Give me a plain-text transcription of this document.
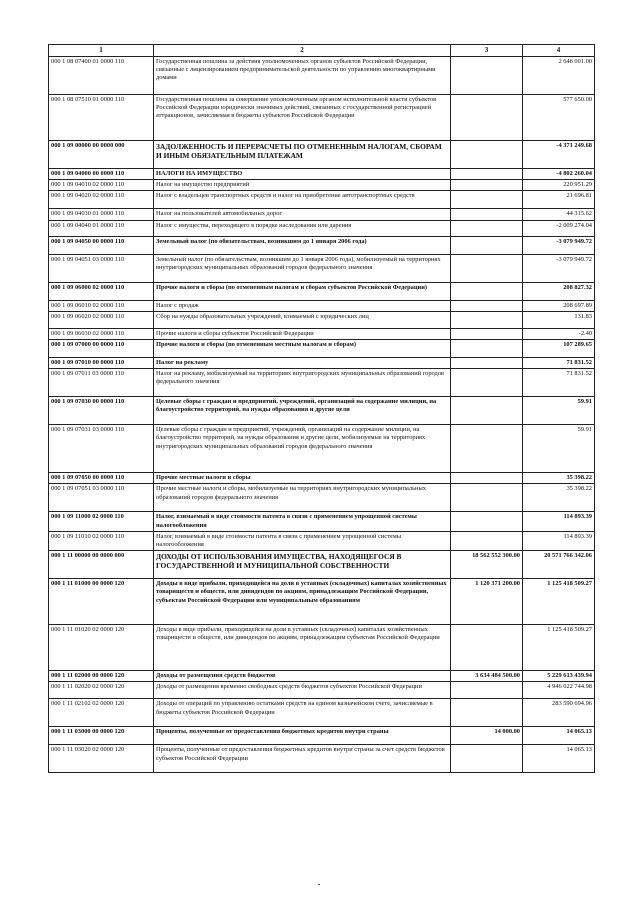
1	2	3	4
000 1 08 07400 01 0000 110	Государственная пошлина за действия уполномоченных органов субъектов Российской Федерации, связанные с лицензированием предпринимательской деятельности по управлению многоквартирными домами		2 646 001.00
000 1 08 07510 01 0000 110	Государственная пошлина за совершение уполномоченным органом исполнительной власти субъектов Российской Федерации юридически значимых действий, связанных с государственной регистрацией аттракционов, зачисляемая в бюджеты субъектов Российской Федерации		577 650.00
000 1 09 00000 00 0000 000	ЗАДОЛЖЕННОСТЬ И ПЕРЕРАСЧЕТЫ ПО ОТМЕНЕННЫМ НАЛОГАМ, СБОРАМ И ИНЫМ ОБЯЗАТЕЛЬНЫМ ПЛАТЕЖАМ		-4 371 249.68
000 1 09 04000 00 0000 110	НАЛОГИ НА ИМУЩЕСТВО		-4 802 260.04
000 1 09 04010 02 0000 110	Налог на имущество предприятий		220 951.29
000 1 09 04020 02 0000 110	Налог с владельцев транспортных средств и налог на приобретение автотранспортных средств		21 696.81
000 1 09 04030 01 0000 110	Налог на пользователей автомобильных дорог		44 315.62
000 1 09 04040 01 0000 110	Налог с имущества, переходящего в порядке наследования или дарения		-2 009 274.04
000 1 09 04050 00 0000 110	Земельный налог (по обязательствам, возникшим до 1 января 2006 года)		-3 079 949.72
000 1 09 04051 03 0000 110	Земельный налог (по обязательствам, возникшим до 1 января 2006 года), мобилизуемый на территориях внутригородских муниципальных образований городов федерального значения		-3 079 949.72
000 1 09 06000 02 0000 110	Прочие налоги и сборы (по отмененным налогам и сборам субъектов Российской Федерации)		208 827.32
000 1 09 06010 02 0000 110	Налог с продаж		208 697.89
000 1 09 06020 02 0000 110	Сбор на нужды образовательных учреждений, взимаемый с юридических лиц		131.83
000 1 09 06030 02 0000 110	Прочие налоги и сборы субъектов Российской Федерации		-2.40
000 1 09 07000 00 0000 110	Прочие налоги и сборы (по отмененным местным налогам и сборам)		107 289.65
000 1 09 07010 00 0000 110	Налог на рекламу		71 831.52
000 1 09 07011 03 0000 110	Налог на рекламу, мобилизуемый на территориях внутригородских муниципальных образований городов федерального значения		71 831.52
000 1 09 07030 00 0000 110	Целевые сборы с граждан и предприятий, учреждений, организаций на содержание милиции, на благоустройство территорий, на нужды образования и другие цели		59.91
000 1 09 07031 03 0000 110	Целевые сборы с граждан и предприятий, учреждений, организаций на содержание милиции, на благоустройство территорий, на нужды образования и другие цели, мобилизуемые на территориях внутригородских муниципальных образований городов федерального значения		59.91
000 1 09 07050 00 0000 110	Прочие местные налоги и сборы		35 398.22
000 1 09 07051 03 0000 110	Прочие местные налоги и сборы, мобилизуемые на территориях внутригородских муниципальных образований городов федерального значения		35 398.22
000 1 09 11000 02 0000 110	Налог, взимаемый в виде стоимости патента в связи с применением упрощенной системы налогообложения		114 893.39
000 1 09 11010 02 0000 110	Налог, взимаемый в виде стоимости патента в связи с применением упрощенной системы налогообложения		114 893.39
000 1 11 00000 00 0000 000	ДОХОДЫ ОТ ИСПОЛЬЗОВАНИЯ ИМУЩЕСТВА, НАХОДЯЩЕГОСЯ В ГОСУДАРСТВЕННОЙ И МУНИЦИПАЛЬНОЙ СОБСТВЕННОСТИ	18 562 552 300.00	20 571 766 342.06
000 1 11 01000 00 0000 120	Доходы в виде прибыли, приходящейся на доли в уставных (складочных) капиталах хозяйственных товариществ и обществ, или дивидендов по акциям, принадлежащим Российской Федерации, субъектам Российской Федерации или муниципальным образованиям	1 120 371 200.00	1 125 418 509.27
000 1 11 01020 02 0000 120	Доходы в виде прибыли, приходящейся на доли в уставных (складочных) капиталах хозяйственных товариществ и обществ, или дивидендов по акциям, принадлежащим субъектам Российской Федерации		1 125 418 509.27
000 1 11 02000 00 0000 120	Доходы от размещения средств бюджетов	3 634 484 500.00	5 229 613 439.94
000 1 11 02020 02 0000 120	Доходы от размещения временно свободных средств бюджетов субъектов Российской Федерации		4 946 022 744.98
000 1 11 02102 02 0000 120	Доходы от операций по управлению остатками средств на едином казначейском счете, зачисляемые в бюджеты субъектов Российской Федерации		283 590 694.96
000 1 11 03000 00 0000 120	Проценты, полученные от предоставления бюджетных кредитов внутри страны	14 000.00	14 065.13
000 1 11 03020 02 0000 120	Проценты, полученные от предоставления бюджетных кредитов внутри страны за счет средств бюджетов субъектов Российской Федерации		14 065.13
